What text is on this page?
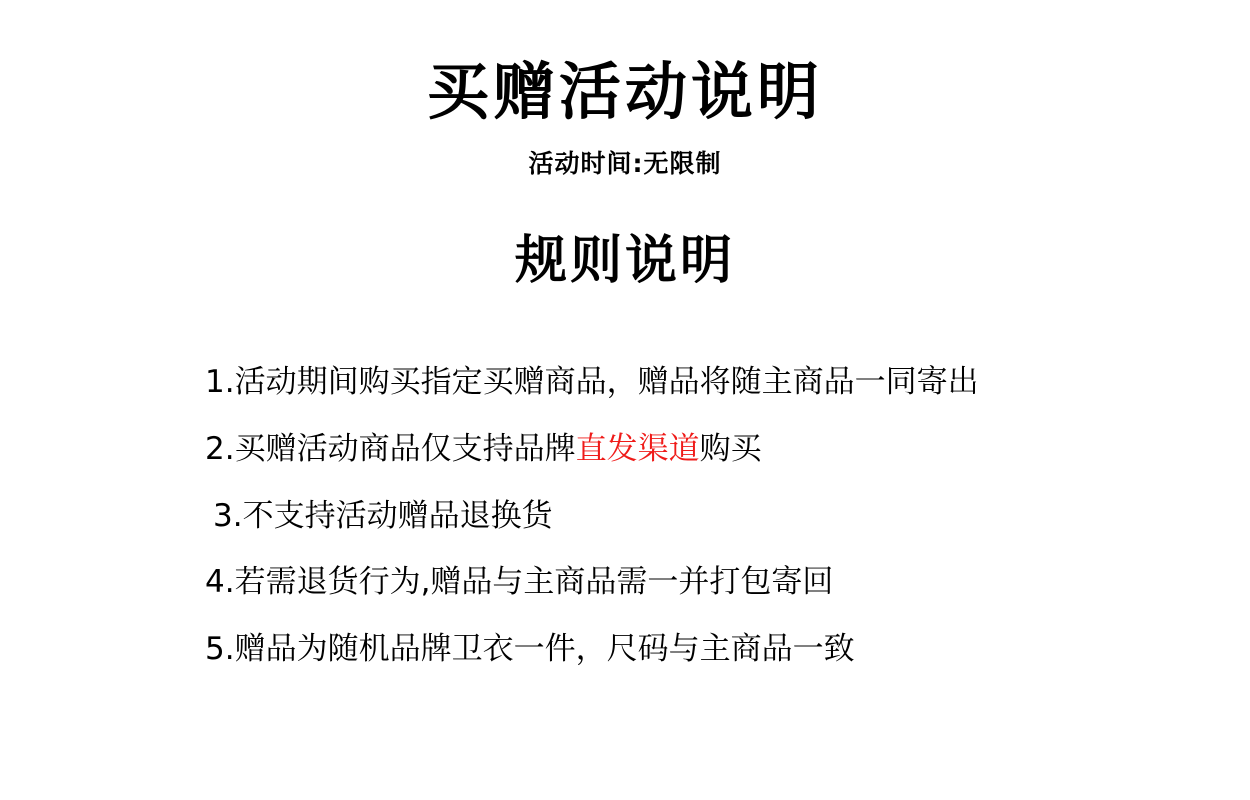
买赠活动说明

活动时间:无限制

规则说明
1.活动期间购买指定买赠商品，赠品将随主商品一同寄出
2.买赠活动商品仅支持品牌直发渠道购买
3.不支持活动赠品退换货
4.若需退货行为,赠品与主商品需一并打包寄回
5.赠品为随机品牌卫衣一件，尺码与主商品一致
